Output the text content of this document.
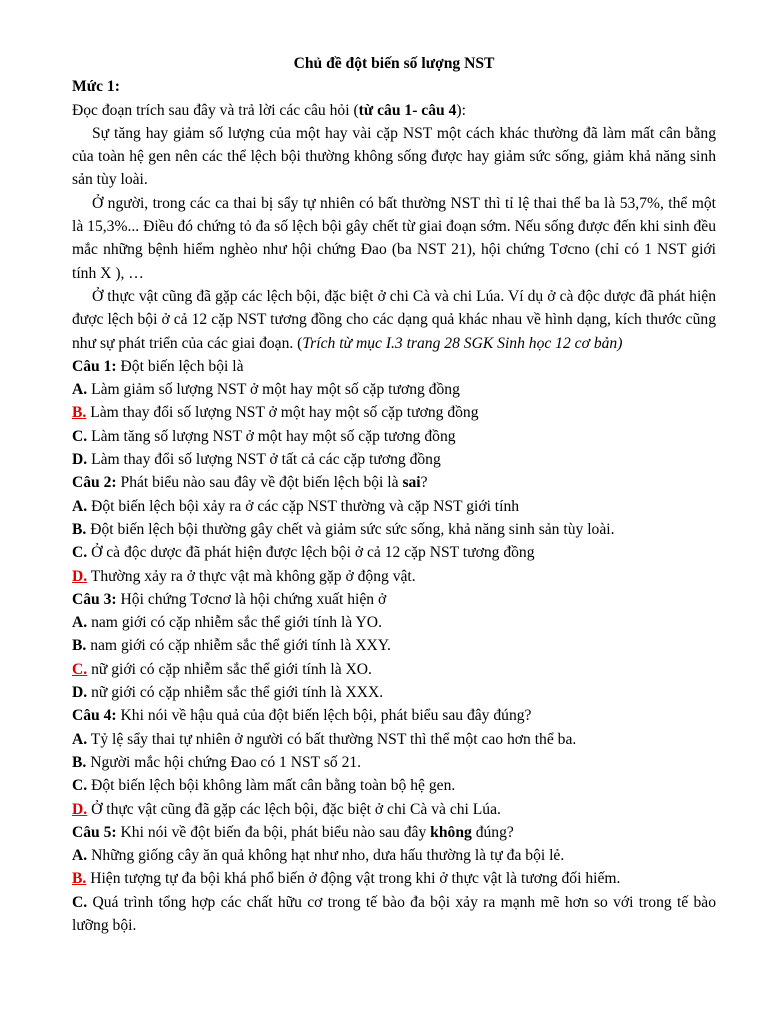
Chủ đề đột biến số lượng NST

Mức 1:

Đọc đoạn trích sau đây và trả lời các câu hỏi (từ câu 1- câu 4):

Sự tăng hay giảm số lượng của một hay vài cặp NST một cách khác thường đã làm mất cân bằng của toàn hệ gen nên các thể lệch bội thường không sống được hay giảm sức sống, giảm khả năng sinh sản tùy loài.

Ở người, trong các ca thai bị sẩy tự nhiên có bất thường NST thì tỉ lệ thai thể ba là 53,7%, thể một là 15,3%... Điều đó chứng tỏ đa số lệch bội gây chết từ giai đoạn sớm. Nếu sống được đến khi sinh đều mắc những bệnh hiểm nghèo như hội chứng Đao (ba NST 21), hội chứng Tơcno (chỉ có 1 NST giới tính X ), …

Ở thực vật cũng đã gặp các lệch bội, đặc biệt ở chi Cà và chi Lúa. Ví dụ ở cà độc dược đã phát hiện được lệch bội ở cả 12 cặp NST tương đồng cho các dạng quả khác nhau về hình dạng, kích thước cũng như sự phát triển của các giai đoạn. (Trích từ mục I.3 trang 28 SGK Sinh học 12 cơ bản)

Câu 1: Đột biến lệch bội là

A. Làm giảm số lượng NST ở một hay một số cặp tương đồng

B. Làm thay đổi số lượng NST ở một hay một số cặp tương đồng

C. Làm tăng số lượng NST ở một hay một số cặp tương đồng

D. Làm thay đổi số lượng NST ở tất cả các cặp tương đồng

Câu 2: Phát biểu nào sau đây về đột biến lệch bội là sai?

A. Đột biến lệch bội xảy ra ở các cặp NST thường và cặp NST giới tính

B. Đột biến lệch bội thường gây chết và giảm sức sức sống, khả năng sinh sản tùy loài.

C. Ở cà độc dược đã phát hiện được lệch bội ở cả 12 cặp NST tương đồng

D. Thường xảy ra ở thực vật mà không gặp ở động vật.

Câu 3: Hội chứng Tơcnơ là hội chứng xuất hiện ở

A. nam giới có cặp nhiễm sắc thể giới tính là YO.

B. nam giới có cặp nhiễm sắc thể giới tính là XXY.

C. nữ giới có cặp nhiễm sắc thể giới tính là XO.

D. nữ giới có cặp nhiễm sắc thể giới tính là XXX.

Câu 4: Khi nói về hậu quả của đột biến lệch bội, phát biểu sau đây đúng?

A. Tỷ lệ sẩy thai tự nhiên ở người có bất thường NST thì thể một cao hơn thể ba.

B. Người mắc hội chứng Đao có 1 NST số 21.

C. Đột biến lệch bội không làm mất cân bằng toàn bộ hệ gen.

D. Ở thực vật cũng đã gặp các lệch bội, đặc biệt ở chi Cà và chi Lúa.

Câu 5: Khi nói về đột biến đa bội, phát biểu nào sau đây không đúng?

A. Những giống cây ăn quả không hạt như nho, dưa hấu thường là tự đa bội lẻ.

B. Hiện tượng tự đa bội khá phổ biến ở động vật trong khi ở thực vật là tương đối hiếm.

C. Quá trình tổng hợp các chất hữu cơ trong tế bào đa bội xảy ra mạnh mẽ hơn so với trong tế bào lưỡng bội.
